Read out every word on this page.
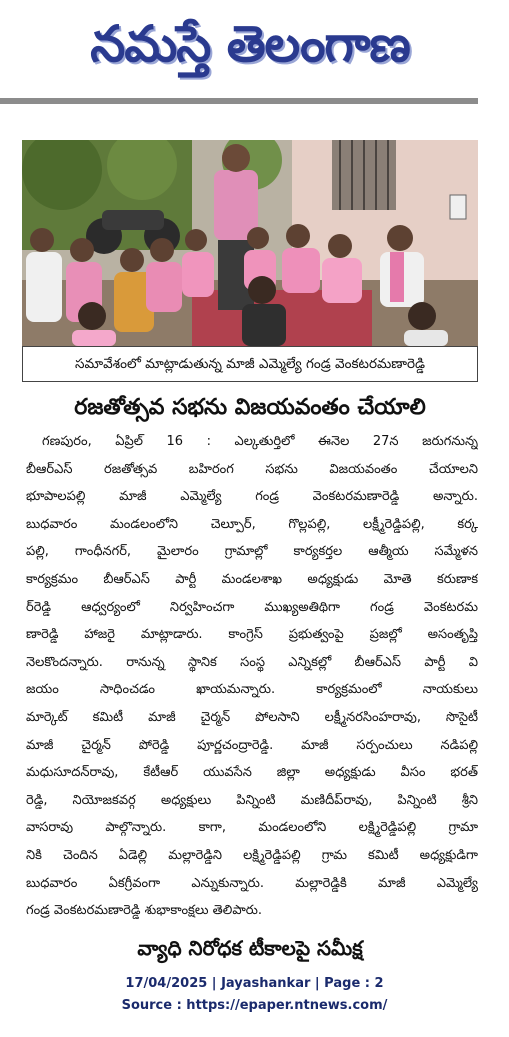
నమస్తే తెలంగాణ
సమావేశంలో మాట్లాడుతున్న మాజీ ఎమ్మెల్యే గండ్ర వెంకటరమణారెడ్డి
రజతోత్సవ సభను విజయవంతం చేయాలి
గణపురం, ఏప్రిల్ 16 : ఎల్కతుర్తిలో ఈనెల 27న జరుగనున్న
బీఆర్ఎస్ రజతోత్సవ బహిరంగ సభను విజయవంతం చేయాలని
భూపాలపల్లి మాజీ ఎమ్మెల్యే గండ్ర వెంకటరమణారెడ్డి అన్నారు.
బుధవారం మండలంలోని చెల్పూర్, గొల్లపల్లి, లక్ష్మీరెడ్డిపల్లి, కర్క
పల్లి, గాంధీనగర్, మైలారం గ్రామాల్లో కార్యకర్తల ఆత్మీయ సమ్మేళన
కార్యక్రమం బీఆర్ఎస్ పార్టీ మండలశాఖ అధ్యక్షుడు మోతె కరుణాక
ర్‌రెడ్డి ఆధ్వర్యంలో నిర్వహించగా ముఖ్యఅతిథిగా గండ్ర వెంకటరమ
ణారెడ్డి హాజరై మాట్లాడారు. కాంగ్రెస్ ప్రభుత్వంపై ప్రజల్లో అసంతృప్తి
నెలకొందన్నారు. రానున్న స్థానిక సంస్థ ఎన్నికల్లో బీఆర్ఎస్ పార్టీ వి
జయం సాధించడం ఖాయమన్నారు. కార్యక్రమంలో నాయకులు
మార్కెట్ కమిటీ మాజీ చైర్మన్ పోలసాని లక్ష్మీనరసింహరావు, సొసైటీ
మాజీ చైర్మన్ పోరెడ్డి పూర్ణచంద్రారెడ్డి. మాజీ సర్పంచులు నడిపల్లి
మధుసూదన్‌రావు, కేటీఆర్ యువసేన జిల్లా అధ్యక్షుడు వీసం భరత్
రెడ్డి, నియోజకవర్గ అధ్యక్షులు పిన్నింటి మణిదీప్‌రావు, పిన్నింటి శ్రీని
వాసరావు పాల్గొన్నారు. కాగా, మండలంలోని లక్ష్మిరెడ్డిపల్లి గ్రామా
నికి చెందిన ఏడెల్లి మల్లారెడ్డిని లక్ష్మిరెడ్డిపల్లి గ్రామ కమిటీ అధ్యక్షుడిగా
బుధవారం ఏకగ్రీవంగా ఎన్నుకున్నారు. మల్లారెడ్డికి మాజీ ఎమ్మెల్యే
గండ్ర వెంకటరమణారెడ్డి శుభాకాంక్షలు తెలిపారు.
వ్యాధి నిరోధక టీకాలపై సమీక్ష
17/04/2025 | Jayashankar | Page : 2
Source : https://epaper.ntnews.com/
